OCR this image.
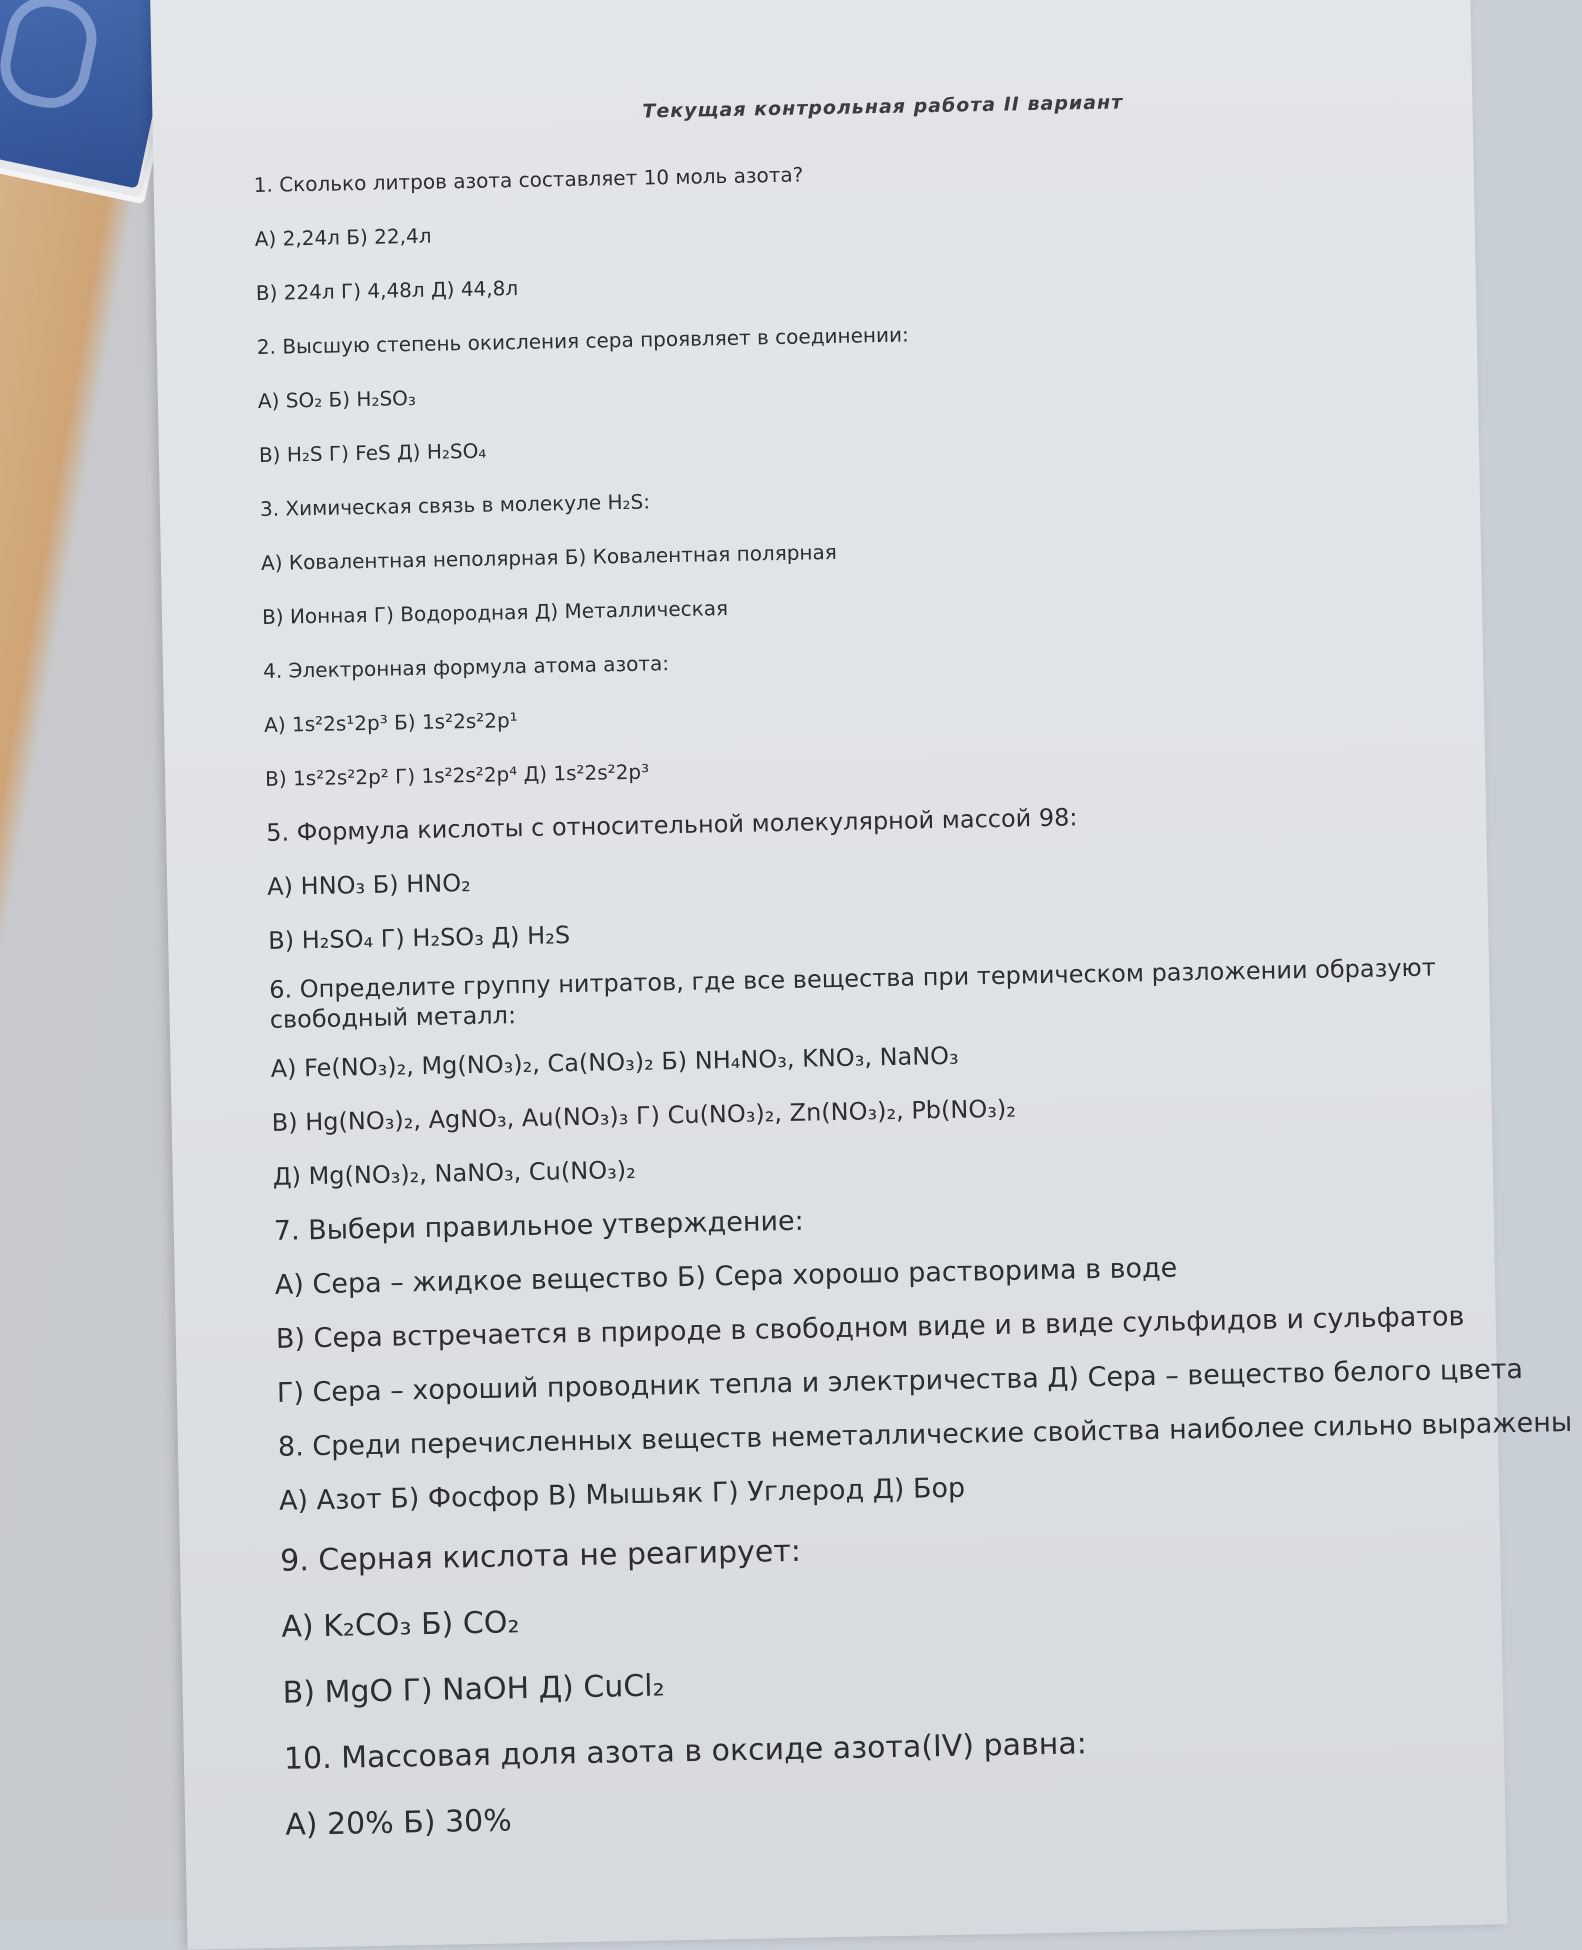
Текущая контрольная работа II вариант

1. Сколько литров азота составляет 10 моль азота?

А) 2,24л Б) 22,4л

В) 224л Г) 4,48л Д) 44,8л

2. Высшую степень окисления сера проявляет в соединении:

А) SO₂ Б) H₂SO₃

В) H₂S Г) FeS Д) H₂SO₄

3. Химическая связь в молекуле H₂S:

А) Ковалентная неполярная Б) Ковалентная полярная

В) Ионная Г) Водородная Д) Металлическая

4. Электронная формула атома азота:

А) 1s²2s¹2p³ Б) 1s²2s²2p¹

В) 1s²2s²2p² Г) 1s²2s²2p⁴ Д) 1s²2s²2p³

5. Формула кислоты с относительной молекулярной массой 98:

А) HNO₃ Б) HNO₂

В) H₂SO₄ Г) H₂SO₃ Д) H₂S

6. Определите группу нитратов, где все вещества при термическом разложении образуют свободный металл:

А) Fe(NO₃)₂, Mg(NO₃)₂, Ca(NO₃)₂ Б) NH₄NO₃, KNO₃, NaNO₃

В) Hg(NO₃)₂, AgNO₃, Au(NO₃)₃ Г) Cu(NO₃)₂, Zn(NO₃)₂, Pb(NO₃)₂

Д) Mg(NO₃)₂, NaNO₃, Cu(NO₃)₂

7. Выбери правильное утверждение:

А) Сера – жидкое вещество Б) Сера хорошо растворима в воде

В) Сера встречается в природе в свободном виде и в виде сульфидов и сульфатов

Г) Сера – хороший проводник тепла и электричества Д) Сера – вещество белого цвета

8. Среди перечисленных веществ неметаллические свойства наиболее сильно выражены

А) Азот Б) Фосфор В) Мышьяк Г) Углерод Д) Бор

9. Серная кислота не реагирует:

А) K₂CO₃ Б) CO₂

В) MgO Г) NaOH Д) CuCl₂

10. Массовая доля азота в оксиде азота(IV) равна:

А) 20% Б) 30%
